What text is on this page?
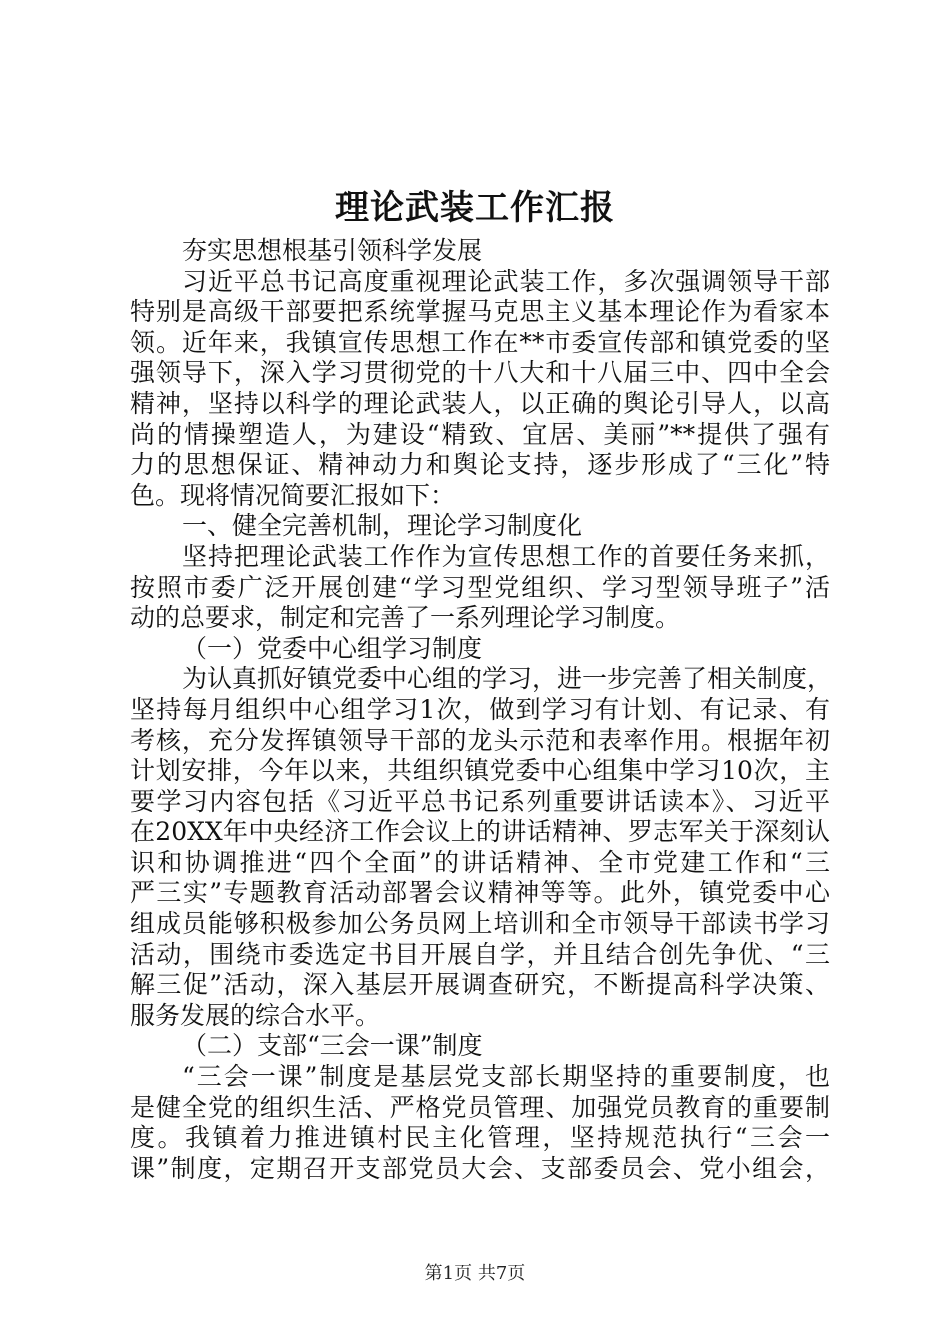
理论武装工作汇报
夯实思想根基引领科学发展
习近平总书记高度重视理论武装工作，多次强调领导干部
特别是高级干部要把系统掌握马克思主义基本理论作为看家本
领。近年来，我镇宣传思想工作在**市委宣传部和镇党委的坚
强领导下，深入学习贯彻党的十八大和十八届三中、四中全会
精神，坚持以科学的理论武装人，以正确的舆论引导人，以高
尚的情操塑造人，为建设“精致、宜居、美丽”**提供了强有
力的思想保证、精神动力和舆论支持，逐步形成了“三化”特
色。现将情况简要汇报如下：
一、健全完善机制，理论学习制度化
坚持把理论武装工作作为宣传思想工作的首要任务来抓，
按照市委广泛开展创建“学习型党组织、学习型领导班子”活
动的总要求，制定和完善了一系列理论学习制度。
（一）党委中心组学习制度
为认真抓好镇党委中心组的学习，进一步完善了相关制度，
坚持每月组织中心组学习1次，做到学习有计划、有记录、有
考核，充分发挥镇领导干部的龙头示范和表率作用。根据年初
计划安排，今年以来，共组织镇党委中心组集中学习10次，主
要学习内容包括《习近平总书记系列重要讲话读本》、习近平
在20XX年中央经济工作会议上的讲话精神、罗志军关于深刻认
识和协调推进“四个全面”的讲话精神、全市党建工作和“三
严三实”专题教育活动部署会议精神等等。此外，镇党委中心
组成员能够积极参加公务员网上培训和全市领导干部读书学习
活动，围绕市委选定书目开展自学，并且结合创先争优、“三
解三促”活动，深入基层开展调查研究，不断提高科学决策、
服务发展的综合水平。
（二）支部“三会一课”制度
“三会一课”制度是基层党支部长期坚持的重要制度，也
是健全党的组织生活、严格党员管理、加强党员教育的重要制
度。我镇着力推进镇村民主化管理，坚持规范执行“三会一
课”制度，定期召开支部党员大会、支部委员会、党小组会，
第1页 共7页
